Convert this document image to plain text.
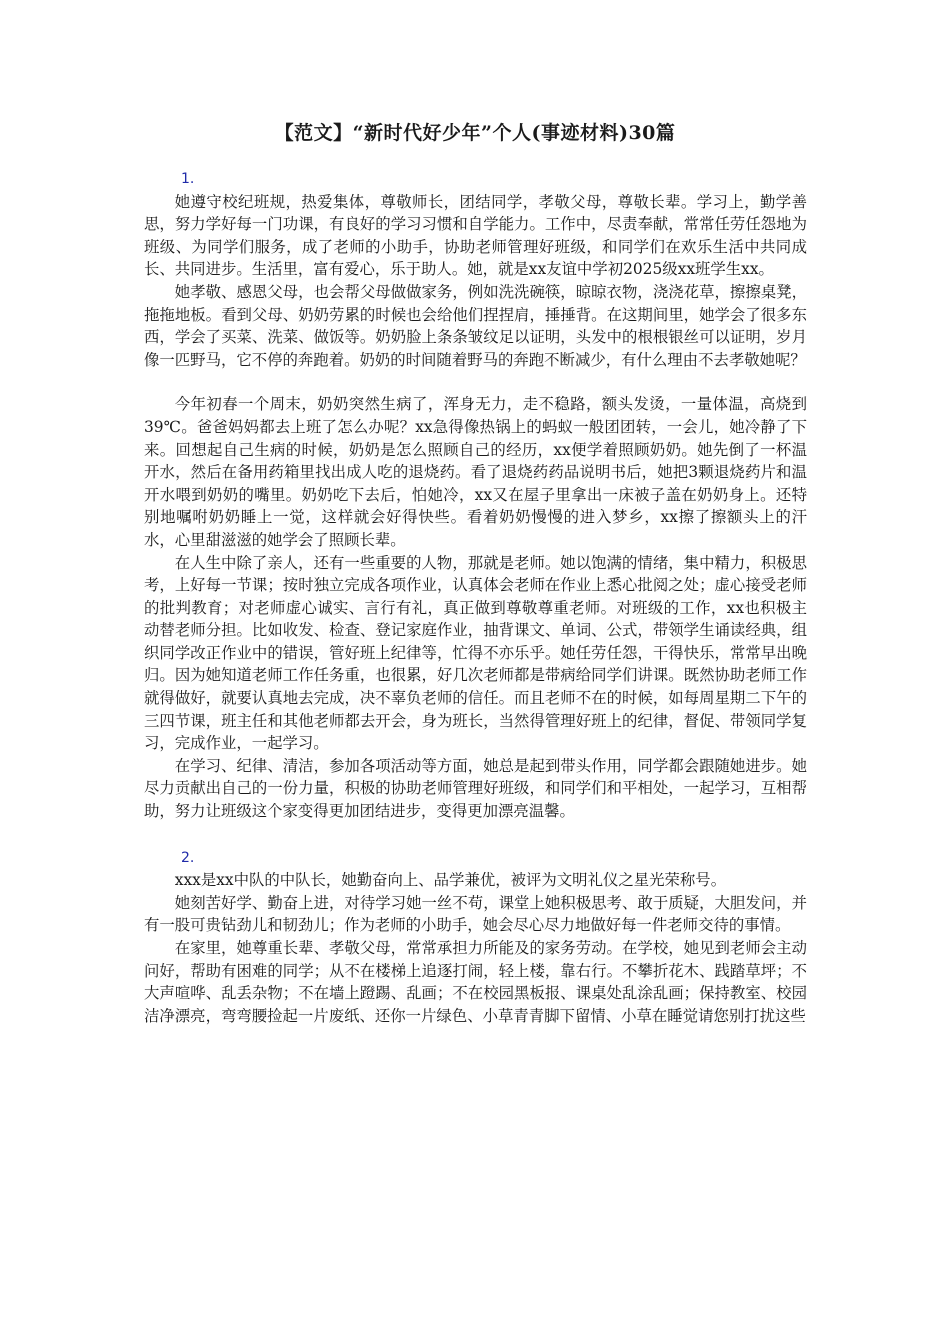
【范文】“新时代好少年”个人(事迹材料)30篇
1.

她遵守校纪班规，热爱集体，尊敬师长，团结同学，孝敬父母，尊敬长辈。学习上，勤学善思，努力学好每一门功课，有良好的学习习惯和自学能力。工作中，尽责奉献，常常任劳任怨地为班级、为同学们服务，成了老师的小助手，协助老师管理好班级，和同学们在欢乐生活中共同成长、共同进步。生活里，富有爱心，乐于助人。她，就是xx友谊中学初2025级xx班学生xx。

她孝敬、感恩父母，也会帮父母做做家务，例如洗洗碗筷，晾晾衣物，浇浇花草，擦擦桌凳，拖拖地板。看到父母、奶奶劳累的时候也会给他们捏捏肩，捶捶背。在这期间里，她学会了很多东西，学会了买菜、洗菜、做饭等。奶奶脸上条条皱纹足以证明，头发中的根根银丝可以证明，岁月像一匹野马，它不停的奔跑着。奶奶的时间随着野马的奔跑不断减少，有什么理由不去孝敬她呢？

今年初春一个周末，奶奶突然生病了，浑身无力，走不稳路，额头发烫，一量体温，高烧到39℃。爸爸妈妈都去上班了怎么办呢？xx急得像热锅上的蚂蚁一般团团转，一会儿，她冷静了下来。回想起自己生病的时候，奶奶是怎么照顾自己的经历，xx便学着照顾奶奶。她先倒了一杯温开水，然后在备用药箱里找出成人吃的退烧药。看了退烧药药品说明书后，她把3颗退烧药片和温开水喂到奶奶的嘴里。奶奶吃下去后，怕她冷，xx又在屋子里拿出一床被子盖在奶奶身上。还特别地嘱咐奶奶睡上一觉，这样就会好得快些。看着奶奶慢慢的进入梦乡，xx擦了擦额头上的汗水，心里甜滋滋的她学会了照顾长辈。

在人生中除了亲人，还有一些重要的人物，那就是老师。她以饱满的情绪，集中精力，积极思考，上好每一节课；按时独立完成各项作业，认真体会老师在作业上悉心批阅之处；虚心接受老师的批判教育；对老师虚心诚实、言行有礼，真正做到尊敬尊重老师。对班级的工作，xx也积极主动替老师分担。比如收发、检查、登记家庭作业，抽背课文、单词、公式，带领学生诵读经典，组织同学改正作业中的错误，管好班上纪律等，忙得不亦乐乎。她任劳任怨，干得快乐，常常早出晚归。因为她知道老师工作任务重，也很累，好几次老师都是带病给同学们讲课。既然协助老师工作就得做好，就要认真地去完成，决不辜负老师的信任。而且老师不在的时候，如每周星期二下午的三四节课，班主任和其他老师都去开会，身为班长，当然得管理好班上的纪律，督促、带领同学复习，完成作业，一起学习。

在学习、纪律、清洁，参加各项活动等方面，她总是起到带头作用，同学都会跟随她进步。她尽力贡献出自己的一份力量，积极的协助老师管理好班级，和同学们和平相处，一起学习，互相帮助，努力让班级这个家变得更加团结进步，变得更加漂亮温馨。

2.

xxx是xx中队的中队长，她勤奋向上、品学兼优，被评为文明礼仪之星光荣称号。

她刻苦好学、勤奋上进，对待学习她一丝不苟，课堂上她积极思考、敢于质疑，大胆发问，并有一股可贵钻劲儿和韧劲儿；作为老师的小助手，她会尽心尽力地做好每一件老师交待的事情。

在家里，她尊重长辈、孝敬父母，常常承担力所能及的家务劳动。在学校，她见到老师会主动问好，帮助有困难的同学；从不在楼梯上追逐打闹，轻上楼，靠右行。不攀折花木、践踏草坪；不大声喧哗、乱丢杂物；不在墙上蹬踢、乱画；不在校园黑板报、课桌处乱涂乱画；保持教室、校园洁净漂亮，弯弯腰捡起一片废纸、还你一片绿色、小草青青脚下留情、小草在睡觉请您别打扰这些
